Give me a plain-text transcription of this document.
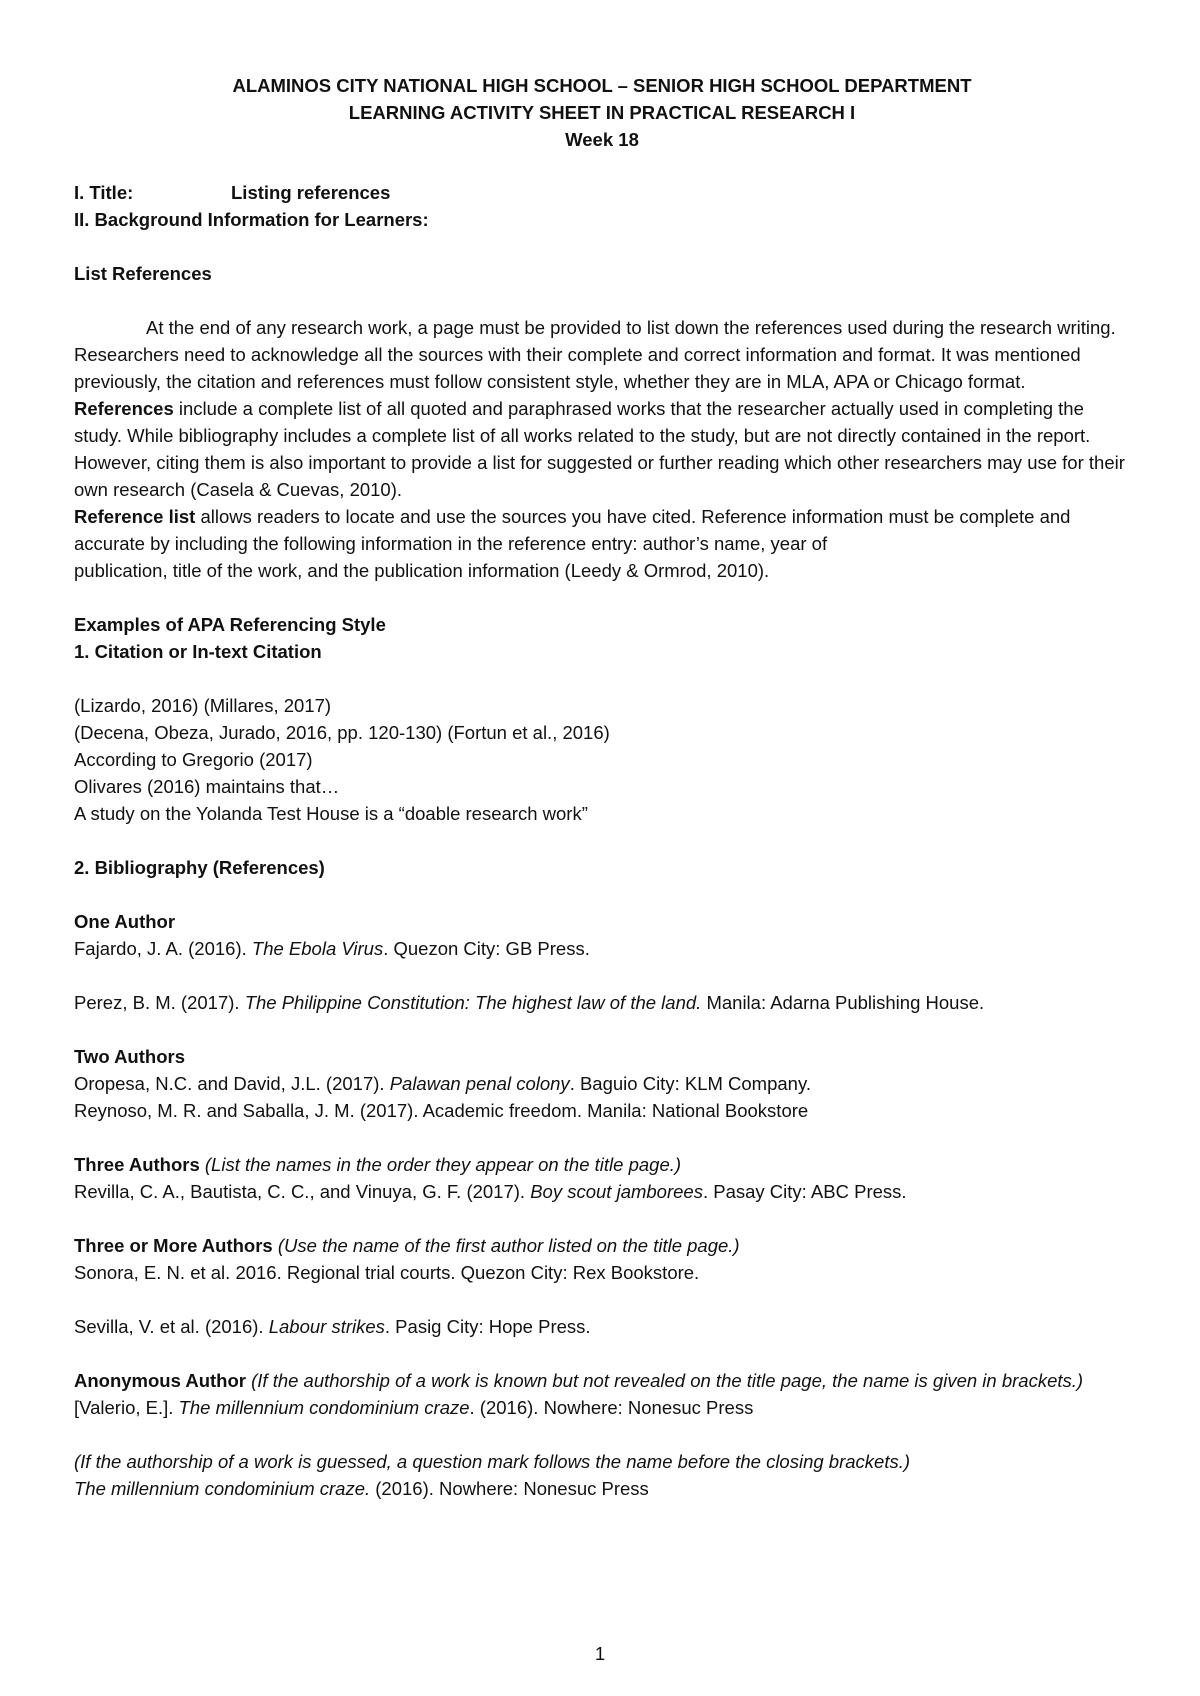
ALAMINOS CITY NATIONAL HIGH SCHOOL – SENIOR HIGH SCHOOL DEPARTMENT
LEARNING ACTIVITY SHEET IN PRACTICAL RESEARCH I
Week 18
I. Title:	Listing references
II. Background Information for Learners:
List References

At the end of any research work, a page must be provided to list down the references used during the research writing. Researchers need to acknowledge all the sources with their complete and correct information and format. It was mentioned previously, the citation and references must follow consistent style, whether they are in MLA, APA or Chicago format.

References include a complete list of all quoted and paraphrased works that the researcher actually used in completing the study. While bibliography includes a complete list of all works related to the study, but are not directly contained in the report. However, citing them is also important to provide a list for suggested or further reading which other researchers may use for their own research (Casela & Cuevas, 2010).

Reference list allows readers to locate and use the sources you have cited. Reference information must be complete and accurate by including the following information in the reference entry: author’s name, year of
publication, title of the work, and the publication information (Leedy & Ormrod, 2010).

Examples of APA Referencing Style
1. Citation or In-text Citation
(Lizardo, 2016) (Millares, 2017)
(Decena, Obeza, Jurado, 2016, pp. 120-130) (Fortun et al., 2016)
According to Gregorio (2017)
Olivares (2016) maintains that…
A study on the Yolanda Test House is a “doable research work”
2. Bibliography (References)
One Author
Fajardo, J. A. (2016). The Ebola Virus. Quezon City: GB Press.
Perez, B. M. (2017). The Philippine Constitution: The highest law of the land. Manila: Adarna Publishing House.
Two Authors
Oropesa, N.C. and David, J.L. (2017). Palawan penal colony. Baguio City: KLM Company.
Reynoso, M. R. and Saballa, J. M. (2017). Academic freedom. Manila: National Bookstore
Three Authors (List the names in the order they appear on the title page.)
Revilla, C. A., Bautista, C. C., and Vinuya, G. F. (2017). Boy scout jamborees. Pasay City: ABC Press.
Three or More Authors (Use the name of the first author listed on the title page.)
Sonora, E. N. et al. 2016. Regional trial courts. Quezon City: Rex Bookstore.
Sevilla, V. et al. (2016). Labour strikes. Pasig City: Hope Press.
Anonymous Author (If the authorship of a work is known but not revealed on the title page, the name is given in brackets.)
[Valerio, E.]. The millennium condominium craze. (2016). Nowhere: Nonesuc Press
(If the authorship of a work is guessed, a question mark follows the name before the closing brackets.)
The millennium condominium craze. (2016). Nowhere: Nonesuc Press
1
